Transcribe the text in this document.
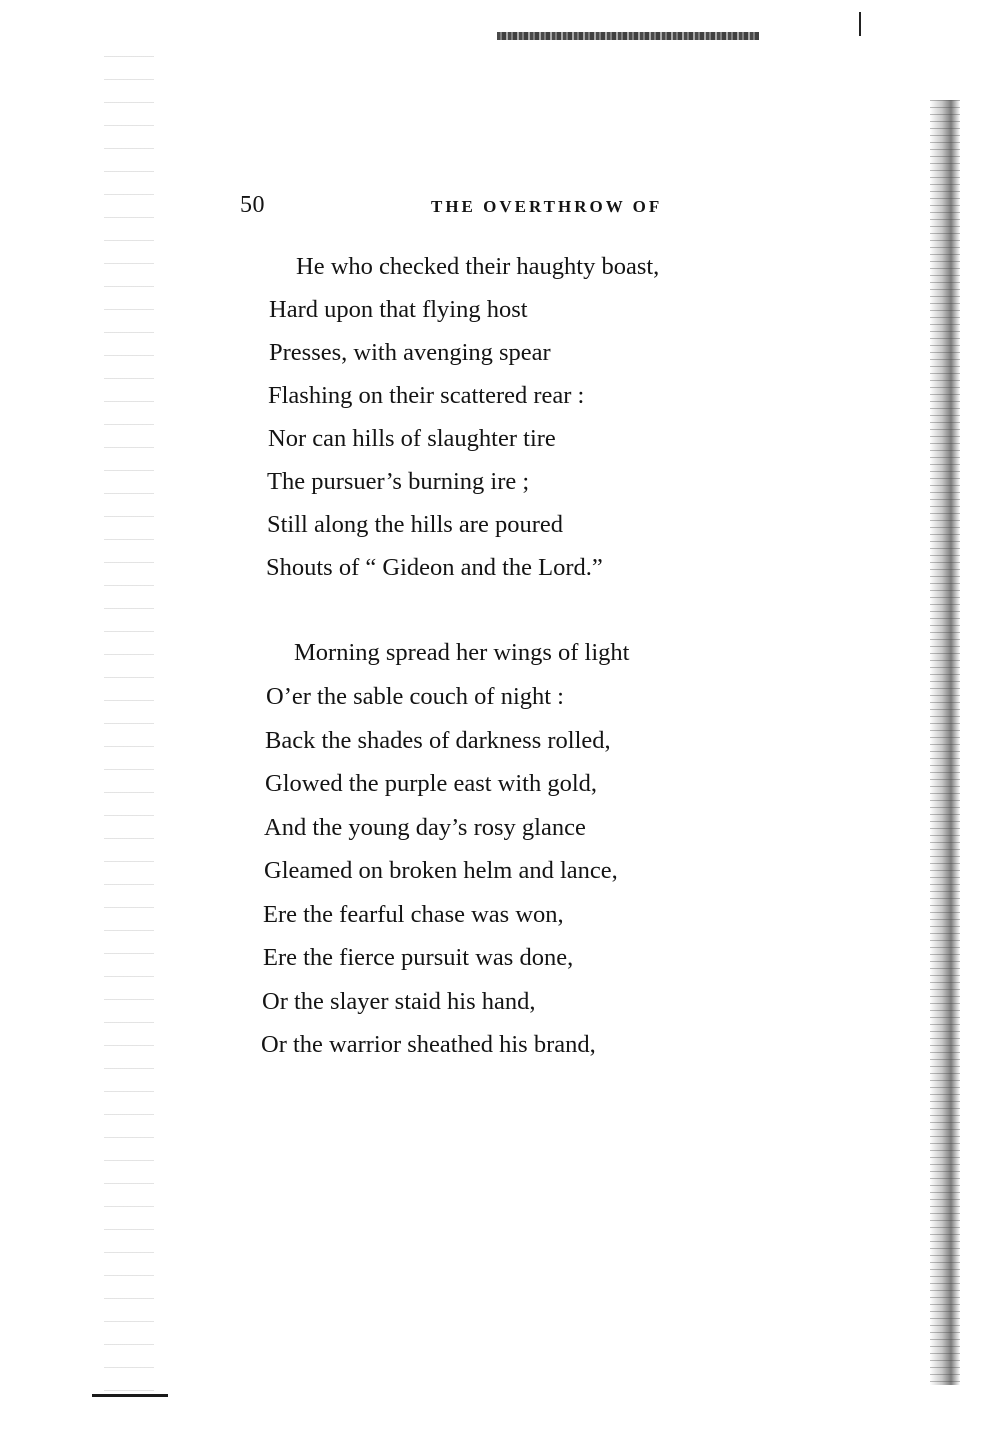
50	THE OVERTHROW OF
He who checked their haughty boast,
Hard upon that flying host
Presses, with avenging spear
Flashing on their scattered rear :
Nor can hills of slaughter tire
The pursuer’s burning ire ;
Still along the hills are poured
Shouts of “ Gideon and the Lord.”
Morning spread her wings of light
O’er the sable couch of night :
Back the shades of darkness rolled,
Glowed the purple east with gold,
And the young day’s rosy glance
Gleamed on broken helm and lance,
Ere the fearful chase was won,
Ere the fierce pursuit was done,
Or the slayer staid his hand,
Or the warrior sheathed his brand,
